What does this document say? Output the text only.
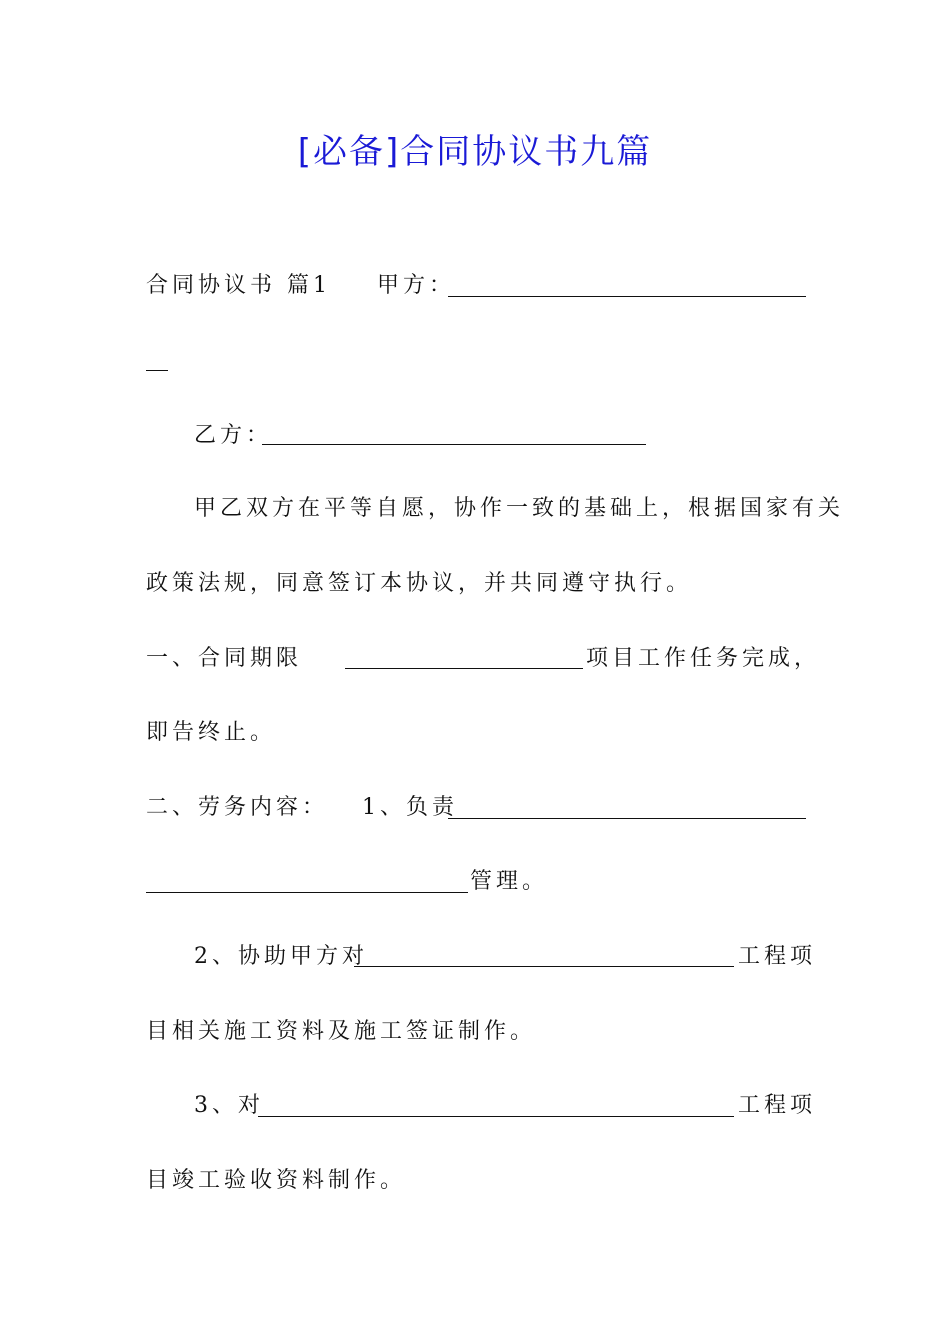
[必备]合同协议书九篇
合同协议书 篇1 甲方：
乙方：
甲乙双方在平等自愿，协作一致的基础上，根据国家有关
政策法规，同意签订本协议，并共同遵守执行。
一、合同期限	项目工作任务完成，
即告终止。
二、劳务内容：	1、负责
管理。
2、协助甲方对	工程项
目相关施工资料及施工签证制作。
3、对	工程项
目竣工验收资料制作。
